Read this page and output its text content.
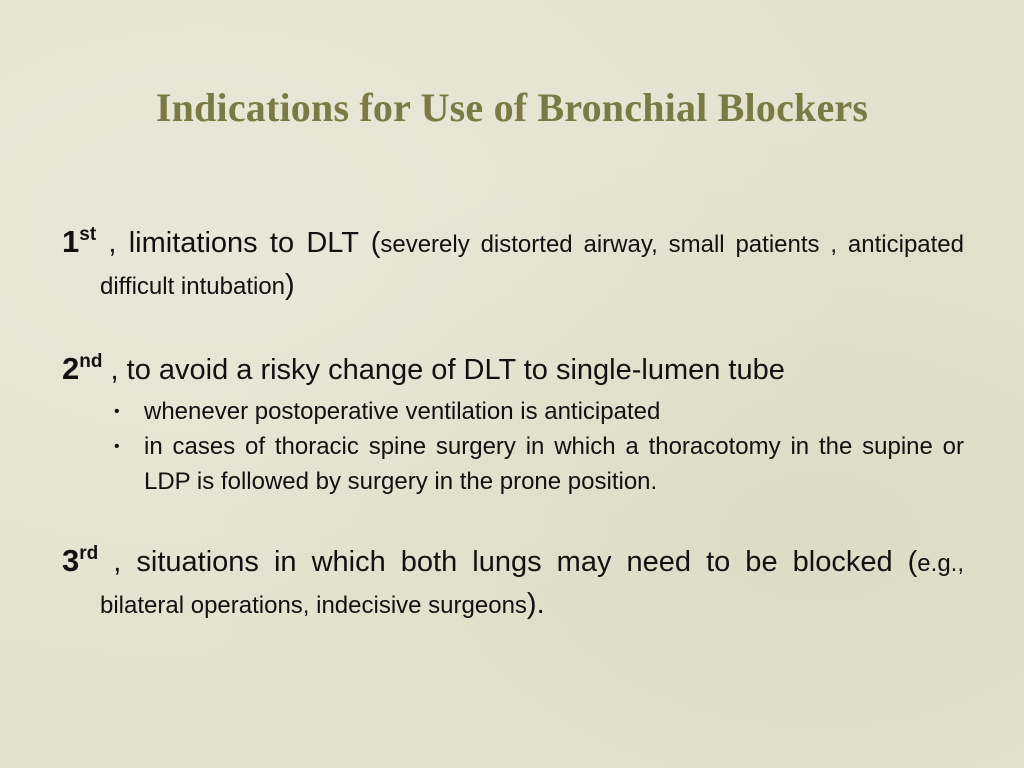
Indications for Use of Bronchial Blockers
1st , limitations to DLT (severely distorted airway, small patients , anticipated difficult intubation)
2nd , to avoid a risky change of DLT to single-lumen tube
• whenever postoperative ventilation is anticipated
• in cases of thoracic spine surgery in which a thoracotomy in the supine or LDP is followed by surgery in the prone position.
3rd , situations in which both lungs may need to be blocked (e.g., bilateral operations, indecisive surgeons).
